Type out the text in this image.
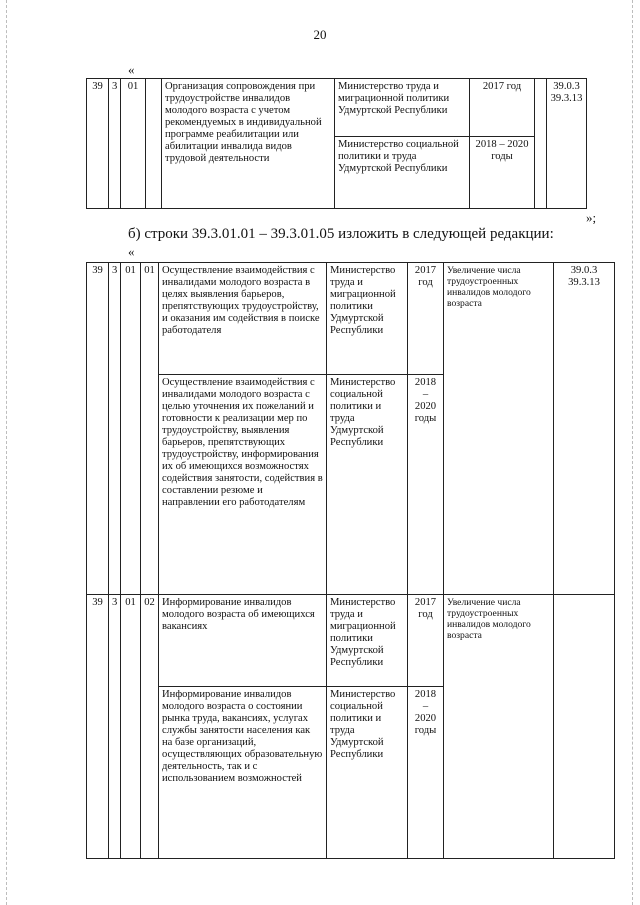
20
«
39	3	01		Организация сопровождения при трудоустройстве инвалидов молодого возраста с учетом рекомендуемых в индивидуальной программе реабилитации или абилитации инвалида видов трудовой деятельности	Министерство труда и миграционной политики Удмуртской Республики	2017 год		39.0.3 39.3.13
					Министерство социальной политики и труда Удмуртской Республики	2018 – 2020 годы		
»;
б) строки 39.3.01.01 – 39.3.01.05 изложить в следующей редакции:
«
39	3	01	01	Осуществление взаимодействия с инвалидами молодого возраста в целях выявления барьеров, препятствующих трудоустройству, и оказания им содействия в поиске работодателя	Министерство труда и миграционной политики Удмуртской Республики	2017 год	Увеличение числа трудоустроенных инвалидов молодого возраста	39.0.3 39.3.13
				Осуществление взаимодействия с инвалидами молодого возраста с целью уточнения их пожеланий и готовности к реализации мер по трудоустройству, выявления барьеров, препятствующих трудоустройству, информирования их об имеющихся возможностях содействия занятости, содействия в составлении резюме и направлении его работодателям	Министерство социальной политики и труда Удмуртской Республики	2018 – 2020 годы		
39	3	01	02	Информирование инвалидов молодого возраста об имеющихся вакансиях	Министерство труда и миграционной политики Удмуртской Республики	2017 год	Увеличение числа трудоустроенных инвалидов молодого возраста	
				Информирование инвалидов молодого возраста о состоянии рынка труда, вакансиях, услугах службы занятости населения как на базе организаций, осуществляющих образовательную деятельность, так и с использованием возможностей	Министерство социальной политики и труда Удмуртской Республики	2018 – 2020 годы		
